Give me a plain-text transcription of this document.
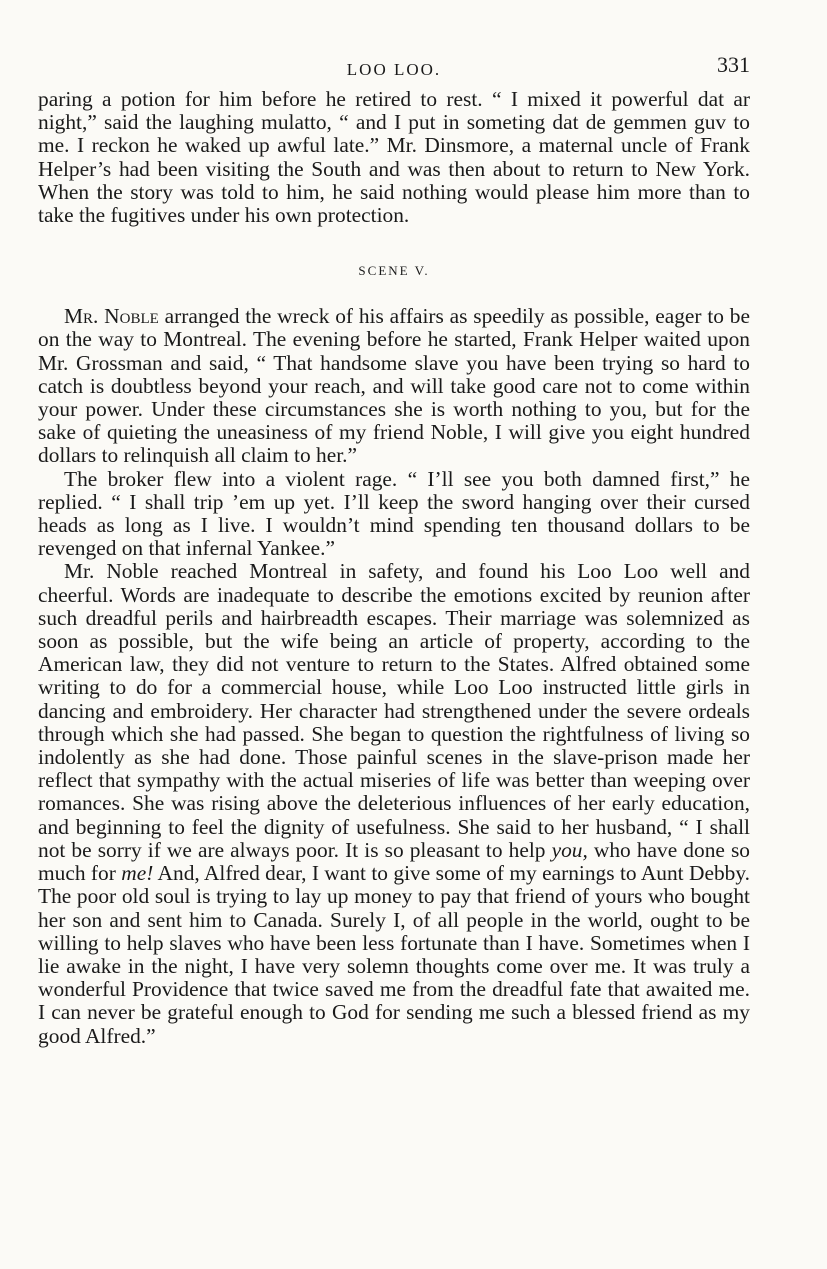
LOO LOO.	331

paring a potion for him before he retired to rest. “ I mixed it powerful dat ar night,” said the laughing mulatto, “ and I put in someting dat de gemmen guv to me. I reckon he waked up awful late.” Mr. Dinsmore, a maternal uncle of Frank Helper’s had been visiting the South and was then about to return to New York. When the story was told to him, he said nothing would please him more than to take the fugitives under his own protection.

SCENE V.

Mr. Noble arranged the wreck of his affairs as speedily as possible, eager to be on the way to Montreal. The evening before he started, Frank Helper waited upon Mr. Grossman and said, “ That handsome slave you have been trying so hard to catch is doubtless beyond your reach, and will take good care not to come within your power. Under these circumstances she is worth nothing to you, but for the sake of quieting the uneasiness of my friend Noble, I will give you eight hundred dollars to relinquish all claim to her.”

The broker flew into a violent rage. “ I’ll see you both damned first,” he replied. “ I shall trip ’em up yet. I’ll keep the sword hanging over their cursed heads as long as I live. I wouldn’t mind spending ten thousand dollars to be revenged on that infernal Yankee.”

Mr. Noble reached Montreal in safety, and found his Loo Loo well and cheerful. Words are inadequate to describe the emotions excited by reunion after such dreadful perils and hairbreadth escapes. Their marriage was solemnized as soon as possible, but the wife being an article of property, according to the American law, they did not venture to return to the States. Alfred obtained some writing to do for a commercial house, while Loo Loo instructed little girls in dancing and embroidery. Her character had strengthened under the severe ordeals through which she had passed. She began to question the rightfulness of living so indolently as she had done. Those painful scenes in the slave-prison made her reflect that sympathy with the actual miseries of life was better than weeping over romances. She was rising above the deleterious influences of her early education, and beginning to feel the dignity of usefulness. She said to her husband, “ I shall not be sorry if we are always poor. It is so pleasant to help you, who have done so much for me! And, Alfred dear, I want to give some of my earnings to Aunt Debby. The poor old soul is trying to lay up money to pay that friend of yours who bought her son and sent him to Canada. Surely I, of all people in the world, ought to be willing to help slaves who have been less fortunate than I have. Sometimes when I lie awake in the night, I have very solemn thoughts come over me. It was truly a wonderful Providence that twice saved me from the dreadful fate that awaited me. I can never be grateful enough to God for sending me such a blessed friend as my good Alfred.”
